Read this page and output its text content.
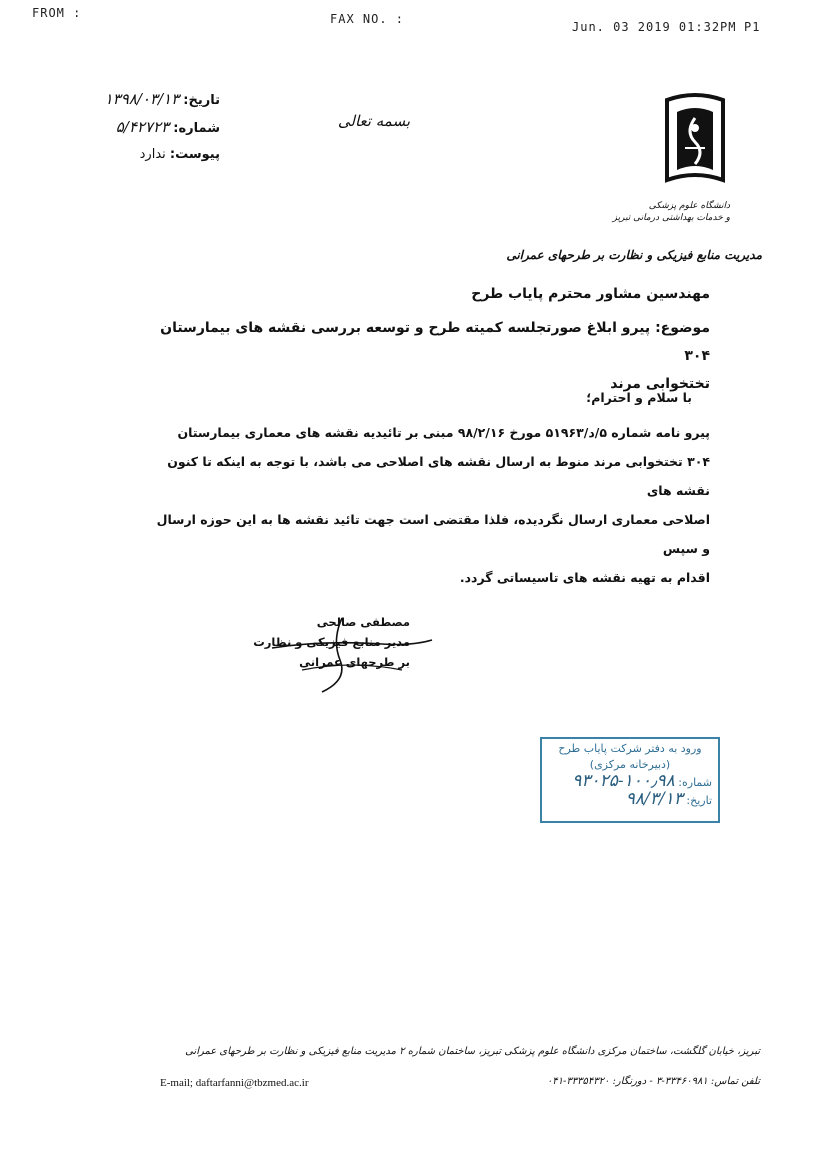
FROM :	FAX NO. :
Jun. 03 2019 01:32PM P1
تاریخ: ۱۳۹۸/۰۳/۱۳
شماره: ۵/۴۲۷۲۳
پیوست: ندارد
بسمه تعالی
دانشگاه علوم پزشکی
و خدمات بهداشتی درمانی تبریز
مدیریت منابع فیزیکی و نظارت بر طرحهای عمرانی
مهندسین مشاور محترم پایاب طرح
موضوع: پیرو ابلاغ صورتجلسه کمیته طرح و توسعه بررسی نقشه های بیمارستان ۳۰۴
تختخوابی مرند
با سلام و احترام؛
پیرو نامه شماره ۵/د/۵۱۹۶۳ مورخ ۹۸/۲/۱۶ مبنی بر تائیدیه نقشه های معماری بیمارستان
۳۰۴ تختخوابی مرند منوط به ارسال نقشه های اصلاحی می باشد، با توجه به اینکه تا کنون نقشه های
اصلاحی معماری ارسال نگردیده، فلذا مقتضی است جهت تائید نقشه ها به این حوزه ارسال و سپس
اقدام به تهیه نقشه های تاسیساتی گردد.
مصطفی صالحی
مدیر منابع فیزیکی و نظارت
بر طرحهای عمرانی
ورود به دفتر شرکت پایاب طرح
(دبیرخانه مرکزی)
شماره: ۱۰۰٫۹۸-۹۳۰۲۵
تاریخ: ۹۸/۳/۱۳
تبریز، خیابان گلگشت، ساختمان مرکزی دانشگاه علوم پزشکی تبریز، ساختمان شماره ۲ مدیریت منابع فیزیکی و نظارت بر طرحهای عمرانی
E-mail; daftarfanni@tbzmed.ac.ir	تلفن تماس: ۳۳۴۶۰۹۸۱-۳ - دورنگار: ۳۳۳۵۴۳۲۰-۰۴۱
